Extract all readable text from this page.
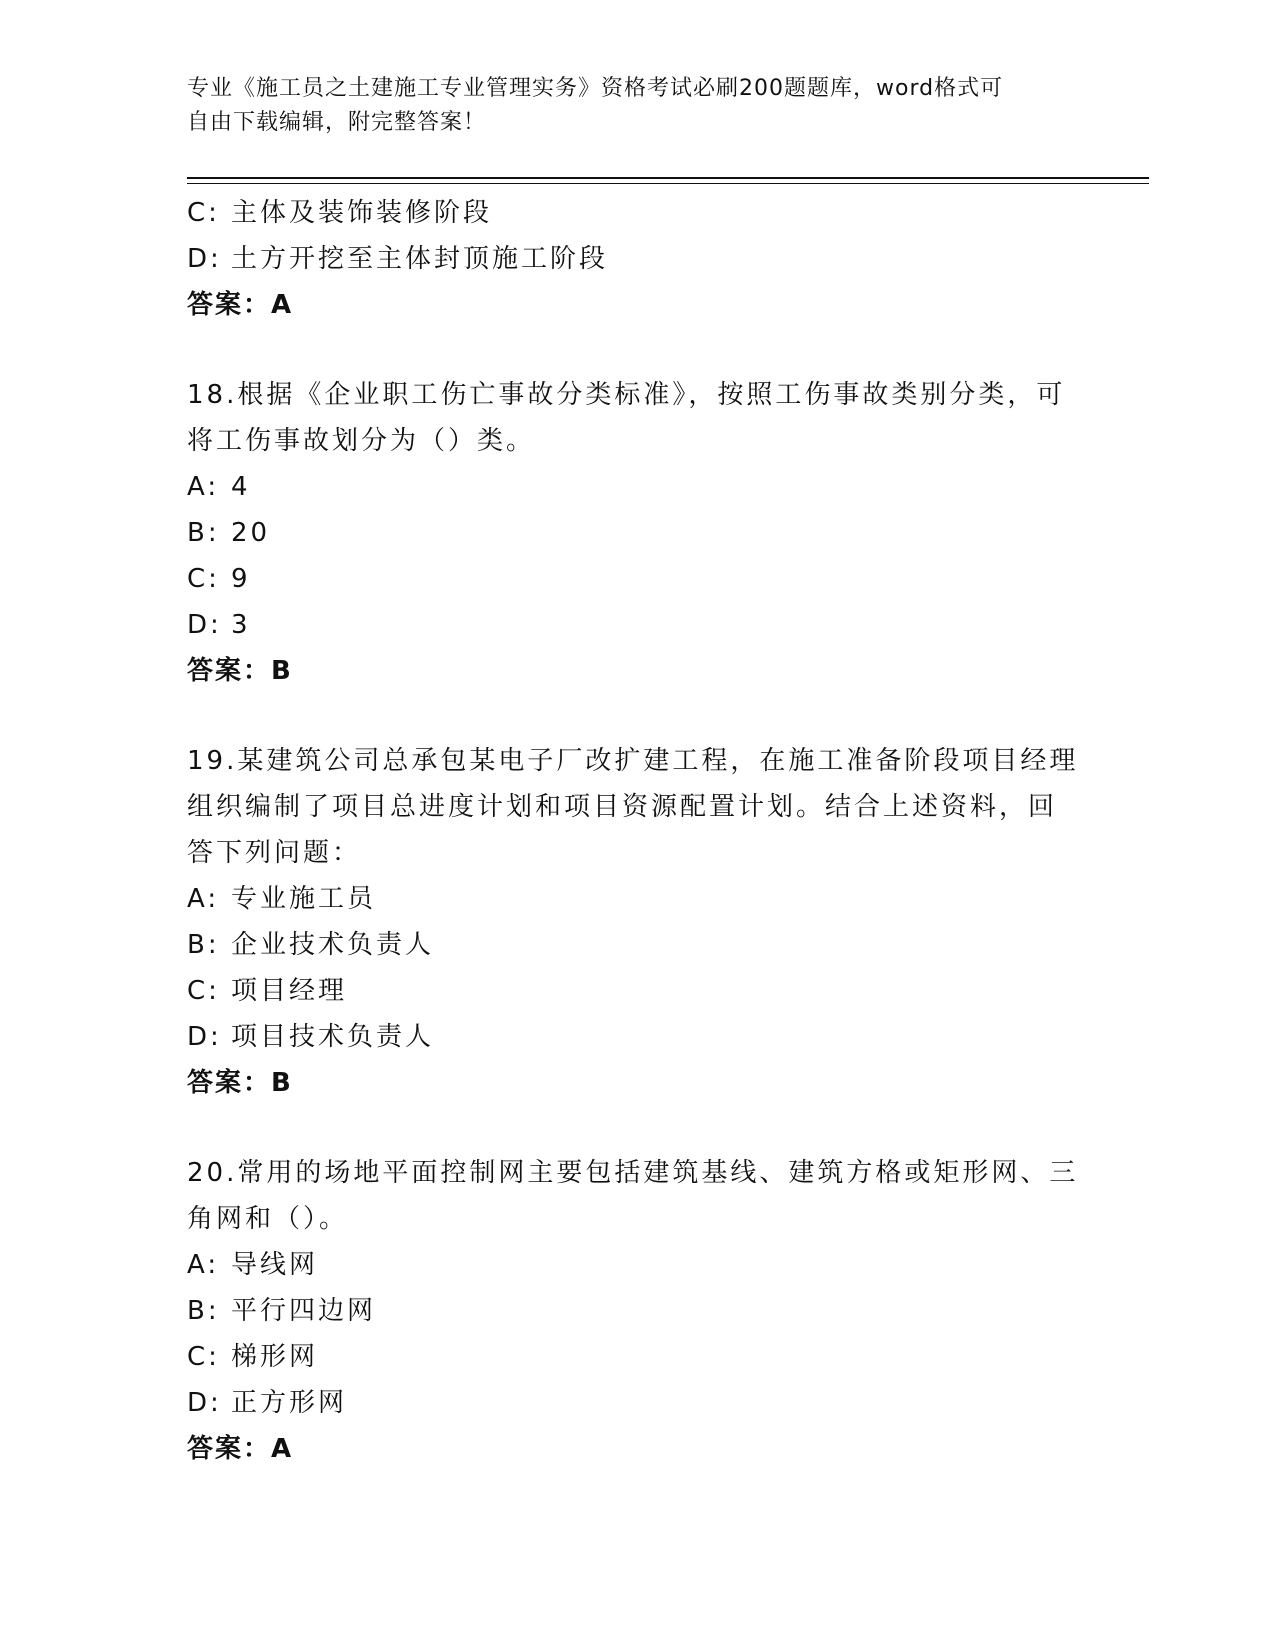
专业《施工员之土建施工专业管理实务》资格考试必刷200题题库，word格式可
自由下载编辑，附完整答案！
C: 主体及装饰装修阶段
D: 土方开挖至主体封顶施工阶段
答案：A
18.根据《企业职工伤亡事故分类标准》，按照工伤事故类别分类，可
将工伤事故划分为（）类。
A: 4
B: 20
C: 9
D: 3
答案：B
19.某建筑公司总承包某电子厂改扩建工程，在施工准备阶段项目经理
组织编制了项目总进度计划和项目资源配置计划。结合上述资料，回
答下列问题：
A: 专业施工员
B: 企业技术负责人
C: 项目经理
D: 项目技术负责人
答案：B
20.常用的场地平面控制网主要包括建筑基线、建筑方格或矩形网、三
角网和（）。
A: 导线网
B: 平行四边网
C: 梯形网
D: 正方形网
答案：A
